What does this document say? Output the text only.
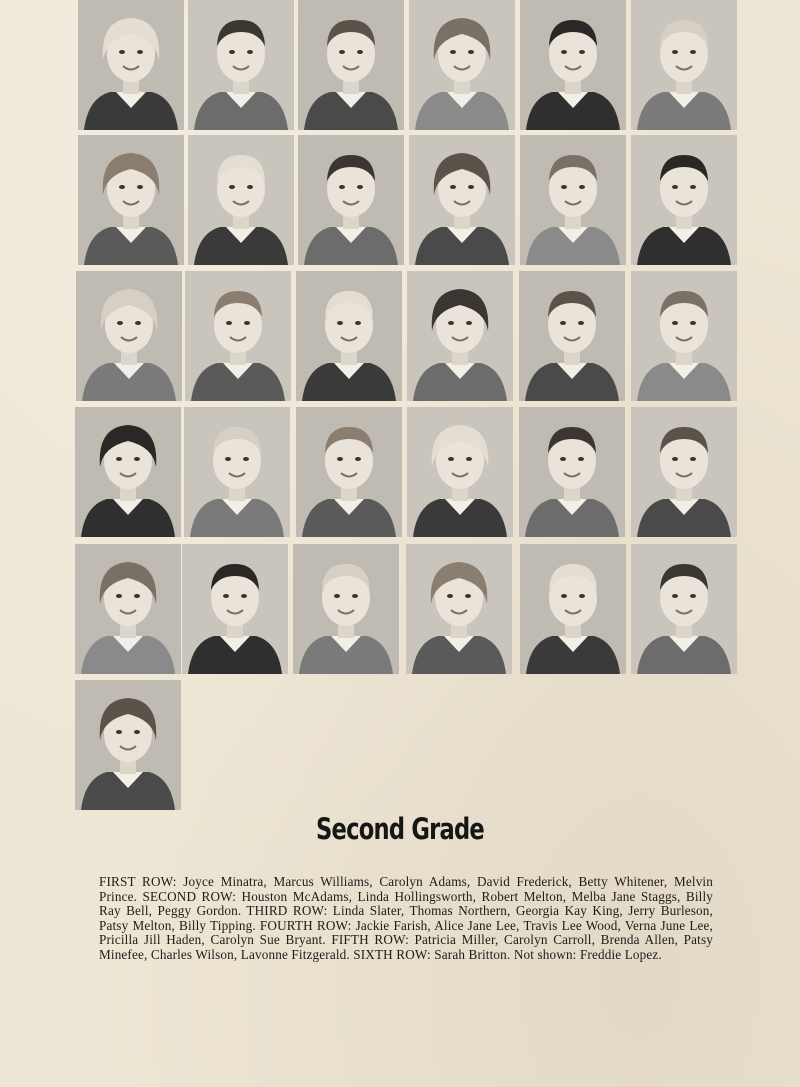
Second Grade
FIRST ROW: Joyce Minatra, Marcus Williams, Carolyn Adams, David Frederick, Betty Whitener, Melvin Prince. SECOND ROW: Houston McAdams, Linda Hollingsworth, Robert Melton, Melba Jane Staggs, Billy Ray Bell, Peggy Gordon. THIRD ROW: Linda Slater, Thomas Northern, Georgia Kay King, Jerry Burleson, Patsy Melton, Billy Tipping. FOURTH ROW: Jackie Farish, Alice Jane Lee, Travis Lee Wood, Verna June Lee, Pricilla Jill Haden, Carolyn Sue Bryant. FIFTH ROW: Patricia Miller, Carolyn Carroll, Brenda Allen, Patsy Minefee, Charles Wilson, Lavonne Fitzgerald. SIXTH ROW: Sarah Britton. Not shown: Freddie Lopez.
